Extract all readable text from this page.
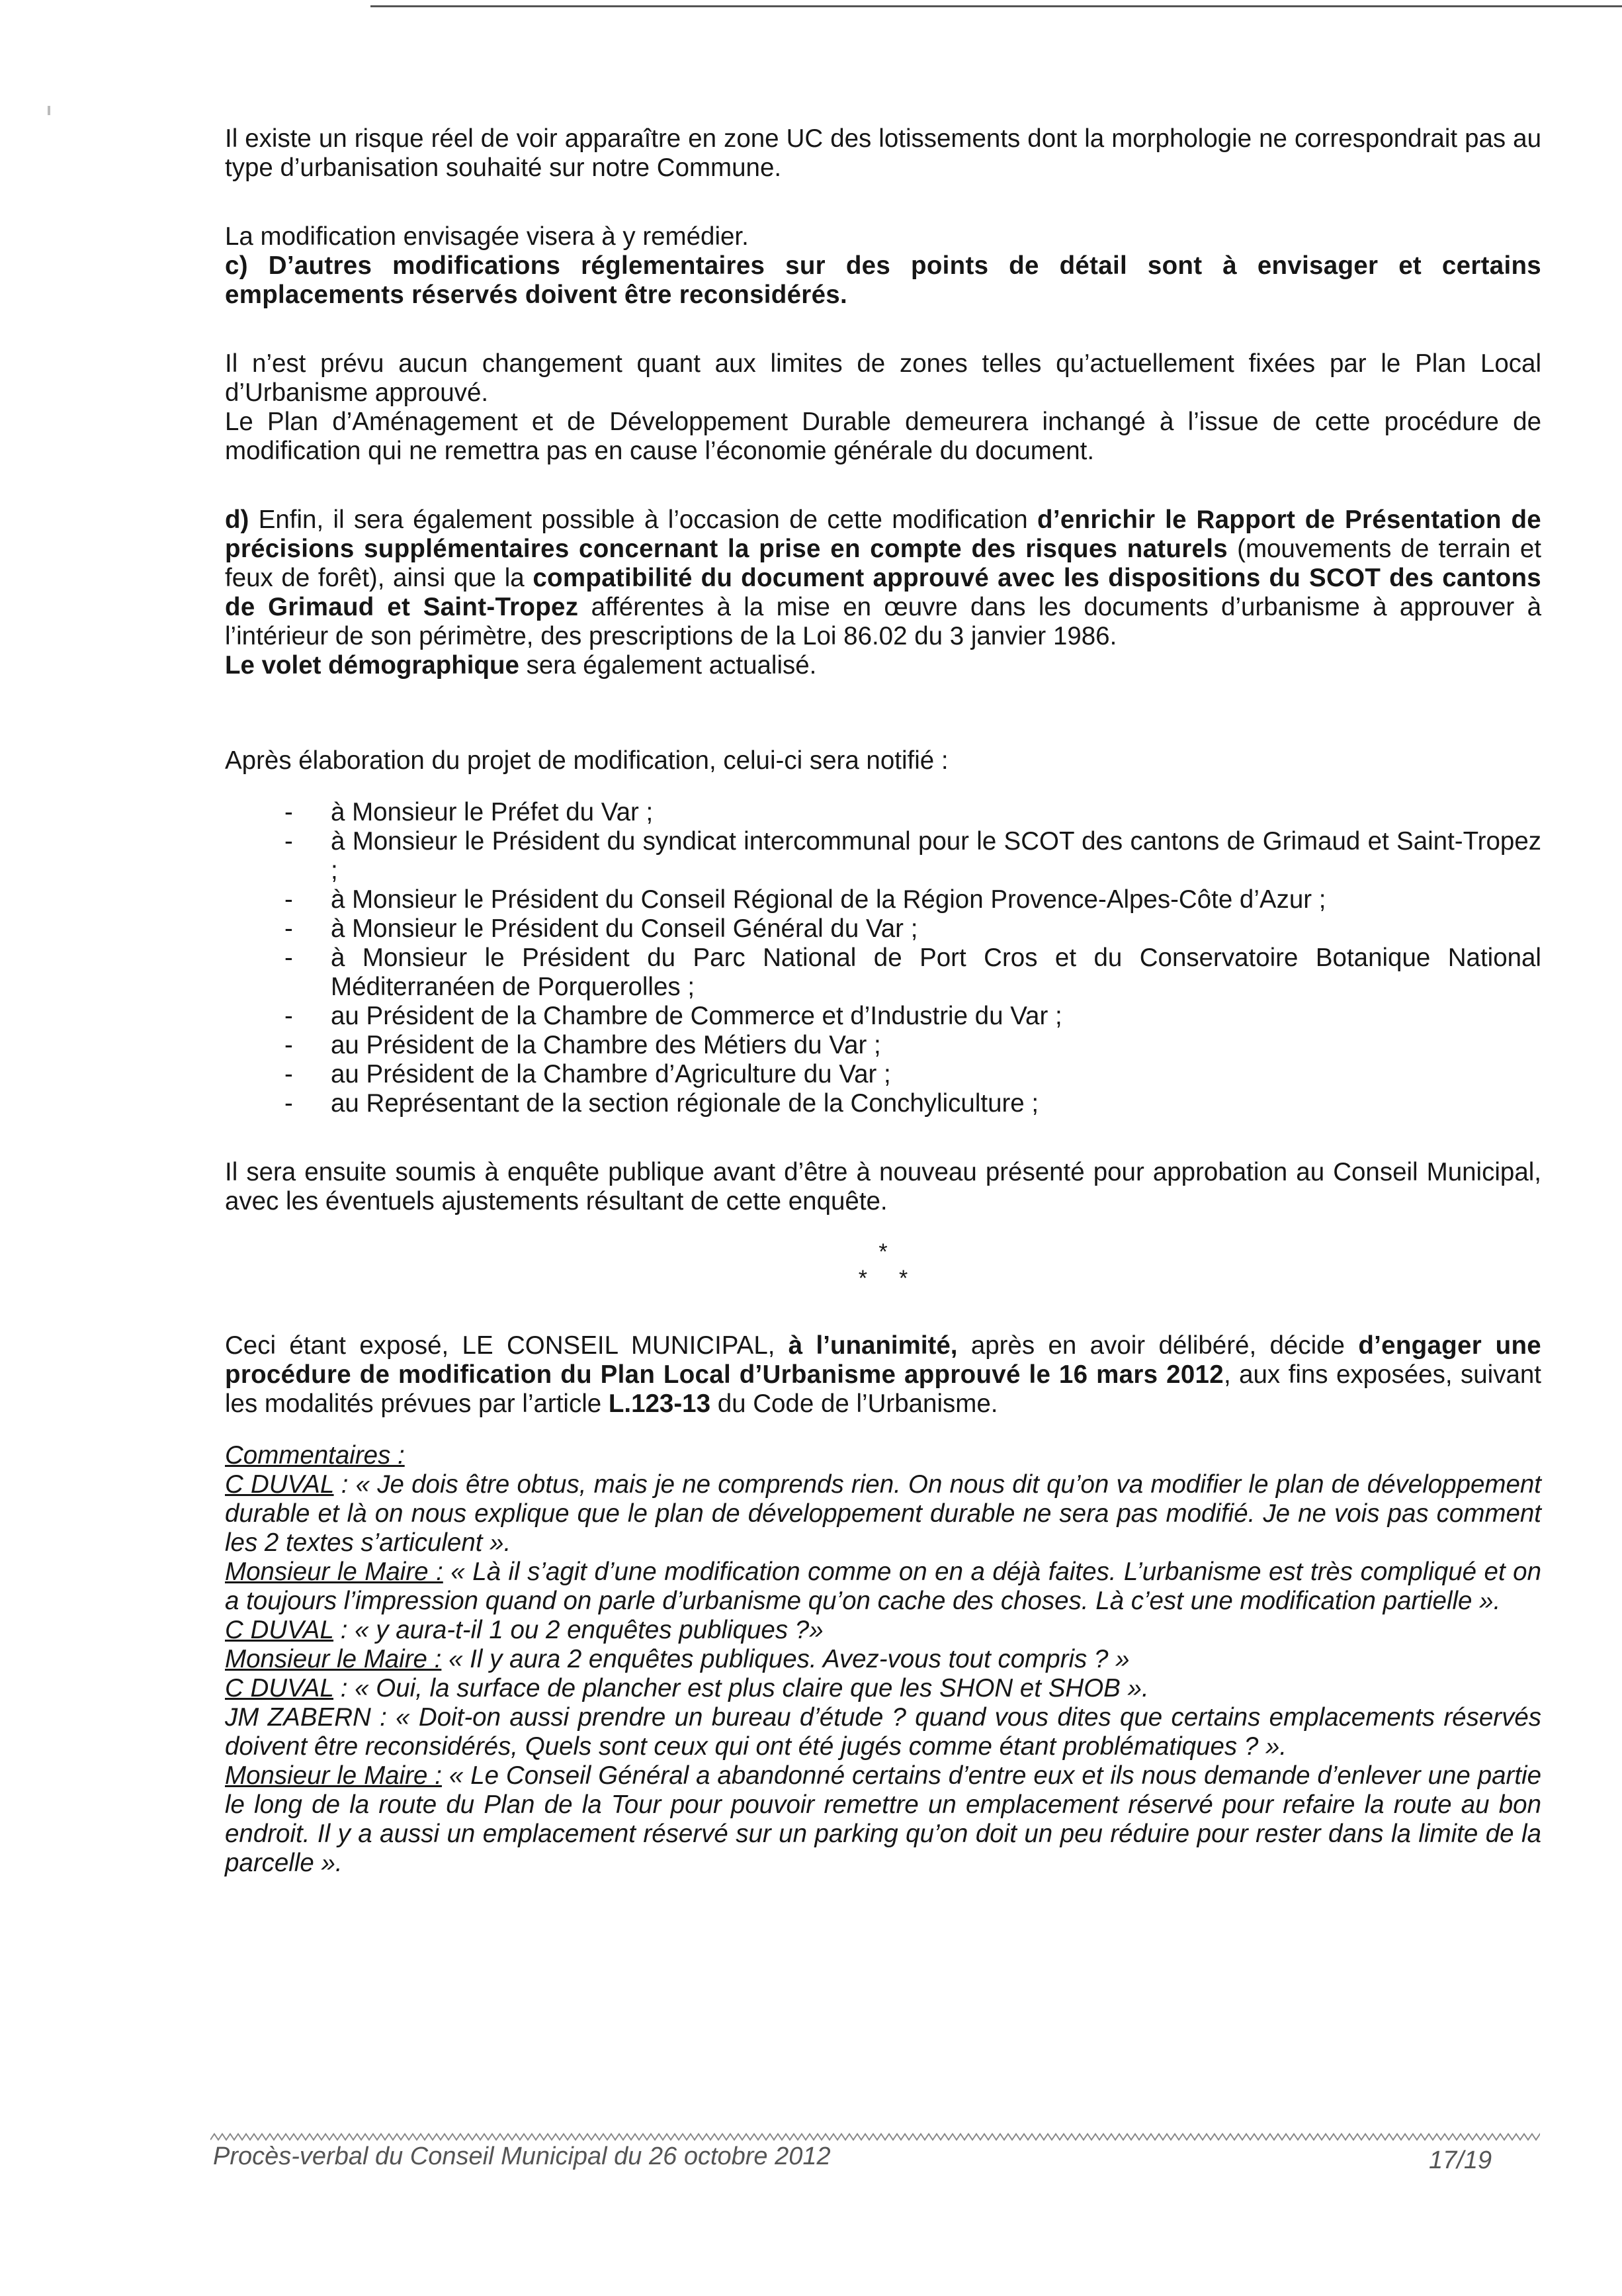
Il existe un risque réel de voir apparaître en zone UC des lotissements dont la morphologie ne correspondrait pas au type d’urbanisation souhaité sur notre Commune.

La modification envisagée visera à y remédier.

c) D’autres modifications réglementaires sur des points de détail sont à envisager et certains emplacements réservés doivent être reconsidérés.

Il n’est prévu aucun changement quant aux limites de zones telles qu’actuellement fixées par le Plan Local d’Urbanisme approuvé.

Le Plan d’Aménagement et de Développement Durable demeurera inchangé à l’issue de cette procédure de modification qui ne remettra pas en cause l’économie générale du document.

d) Enfin, il sera également possible à l’occasion de cette modification d’enrichir le Rapport de Présentation de précisions supplémentaires concernant la prise en compte des risques naturels (mouvements de terrain et feux de forêt), ainsi que la compatibilité du document approuvé avec les dispositions du SCOT des cantons de Grimaud et Saint-Tropez afférentes à la mise en œuvre dans les documents d’urbanisme à approuver à l’intérieur de son périmètre, des prescriptions de la Loi 86.02 du 3 janvier 1986.

Le volet démographique sera également actualisé.

Après élaboration du projet de modification, celui-ci sera notifié :

- à Monsieur le Préfet du Var ;
- à Monsieur le Président du syndicat intercommunal pour le SCOT des cantons de Grimaud et Saint-Tropez ;
- à Monsieur le Président du Conseil Régional de la Région Provence-Alpes-Côte d’Azur ;
- à Monsieur le Président du Conseil Général du Var ;
- à Monsieur le Président du Parc National de Port Cros et du Conservatoire Botanique National Méditerranéen de Porquerolles ;
- au Président de la Chambre de Commerce et d’Industrie du Var ;
- au Président de la Chambre des Métiers du Var ;
- au Président de la Chambre d’Agriculture du Var ;
- au Représentant de la section régionale de la Conchyliculture ;

Il sera ensuite soumis à enquête publique avant d’être à nouveau présenté pour approbation au Conseil Municipal, avec les éventuels ajustements résultant de cette enquête.

*
* *

Ceci étant exposé, LE CONSEIL MUNICIPAL, à l’unanimité, après en avoir délibéré, décide d’engager une procédure de modification du Plan Local d’Urbanisme approuvé le 16 mars 2012, aux fins exposées, suivant les modalités prévues par l’article L.123-13 du Code de l’Urbanisme.

Commentaires :

C DUVAL : « Je dois être obtus, mais je ne comprends rien. On nous dit qu’on va modifier le plan de développement durable et là on nous explique que le plan de développement durable ne sera pas modifié. Je ne vois pas comment les 2 textes s’articulent ».

Monsieur le Maire : « Là il s’agit d’une modification comme on en a déjà faites. L’urbanisme est très compliqué et on a toujours l’impression quand on parle d’urbanisme qu’on cache des choses. Là c’est une modification partielle ».

C DUVAL : « y aura-t-il 1 ou 2 enquêtes publiques ?»

Monsieur le Maire : « Il y aura 2 enquêtes publiques. Avez-vous tout compris ? »

C DUVAL : « Oui, la surface de plancher est plus claire que les SHON et SHOB ».

JM ZABERN : « Doit-on aussi prendre un bureau d’étude ? quand vous dites que certains emplacements réservés doivent être reconsidérés, Quels sont ceux qui ont été jugés comme étant problématiques ? ».

Monsieur le Maire : « Le Conseil Général a abandonné certains d’entre eux et ils nous demande d’enlever une partie le long de la route du Plan de la Tour pour pouvoir remettre un emplacement réservé pour refaire la route au bon endroit. Il y a aussi un emplacement réservé sur un parking qu’on doit un peu réduire pour rester dans la limite de la parcelle ».

Procès-verbal du Conseil Municipal du 26 octobre 2012	17/19
